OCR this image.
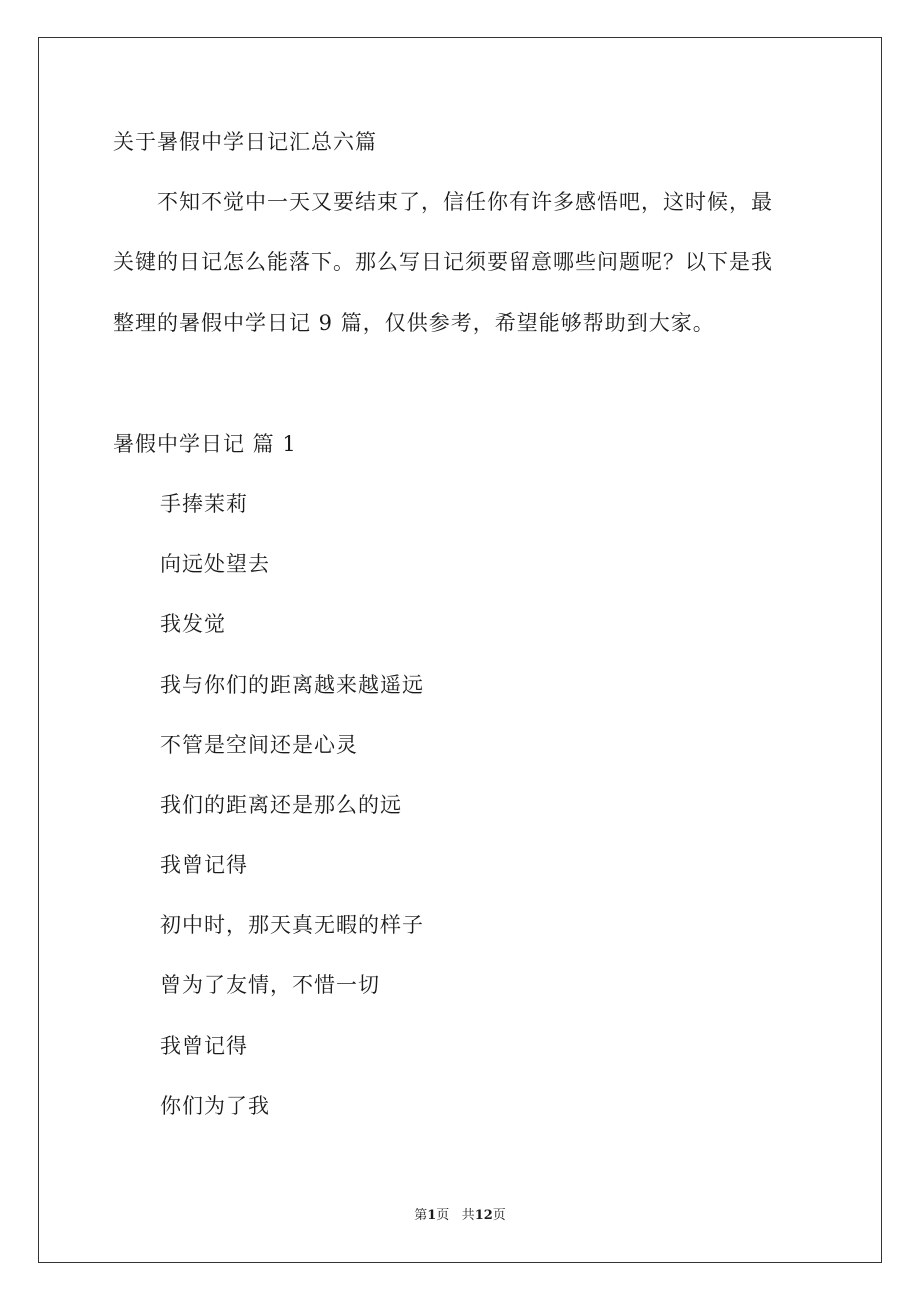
关于暑假中学日记汇总六篇
　　不知不觉中一天又要结束了，信任你有许多感悟吧，这时候，最
关键的日记怎么能落下。那么写日记须要留意哪些问题呢？以下是我
整理的暑假中学日记 9 篇，仅供参考，希望能够帮助到大家。
暑假中学日记 篇 1
手捧茉莉
向远处望去
我发觉
我与你们的距离越来越遥远
不管是空间还是心灵
我们的距离还是那么的远
我曾记得
初中时，那天真无暇的样子
曾为了友情，不惜一切
我曾记得
你们为了我
第1页 共12页
